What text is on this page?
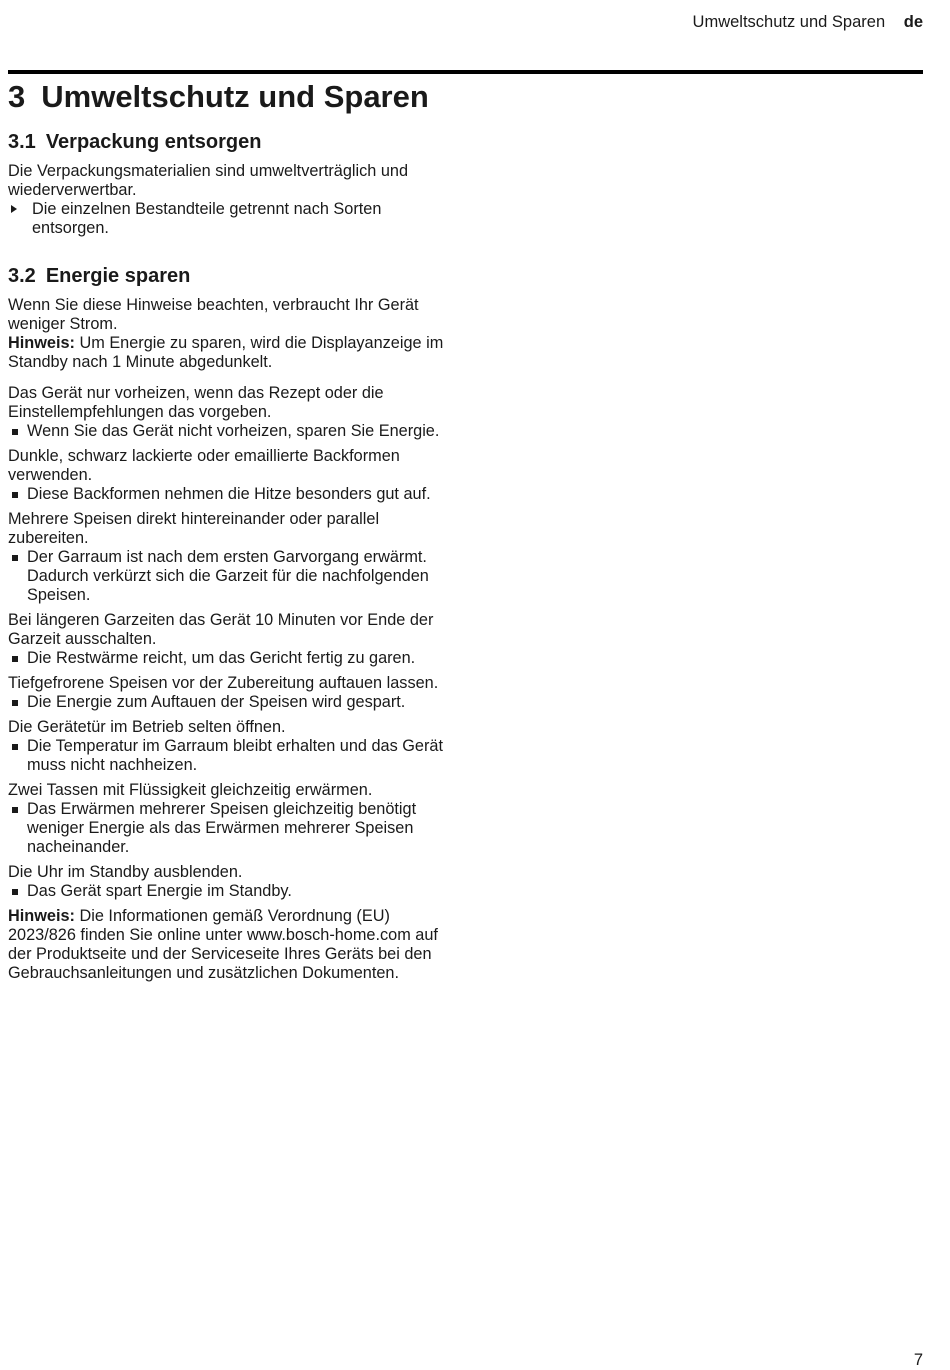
Umweltschutz und Sparen de
3 Umweltschutz und Sparen
3.1 Verpackung entsorgen

Die Verpackungsmaterialien sind umweltverträglich und wiederverwertbar.

Die einzelnen Bestandteile getrennt nach Sorten entsorgen.
3.2 Energie sparen

Wenn Sie diese Hinweise beachten, verbraucht Ihr Gerät weniger Strom.

Hinweis: Um Energie zu sparen, wird die Displayanzeige im Standby nach 1 Minute abgedunkelt.

Das Gerät nur vorheizen, wenn das Rezept oder die Einstellempfehlungen das vorgeben.

Wenn Sie das Gerät nicht vorheizen, sparen Sie Energie.

Dunkle, schwarz lackierte oder emaillierte Backformen verwenden.

Diese Backformen nehmen die Hitze besonders gut auf.

Mehrere Speisen direkt hintereinander oder parallel zubereiten.

Der Garraum ist nach dem ersten Garvorgang erwärmt. Dadurch verkürzt sich die Garzeit für die nachfolgenden Speisen.

Bei längeren Garzeiten das Gerät 10 Minuten vor Ende der Garzeit ausschalten.

Die Restwärme reicht, um das Gericht fertig zu garen.

Tiefgefrorene Speisen vor der Zubereitung auftauen lassen.

Die Energie zum Auftauen der Speisen wird gespart.

Die Gerätetür im Betrieb selten öffnen.

Die Temperatur im Garraum bleibt erhalten und das Gerät muss nicht nachheizen.

Zwei Tassen mit Flüssigkeit gleichzeitig erwärmen.

Das Erwärmen mehrerer Speisen gleichzeitig benötigt weniger Energie als das Erwärmen mehrerer Speisen nacheinander.

Die Uhr im Standby ausblenden.

Das Gerät spart Energie im Standby.

Hinweis: Die Informationen gemäß Verordnung (EU) 2023/826 finden Sie online unter www.bosch-home.com auf der Produktseite und der Serviceseite Ihres Geräts bei den Gebrauchsanleitungen und zusätzlichen Dokumenten.

7
